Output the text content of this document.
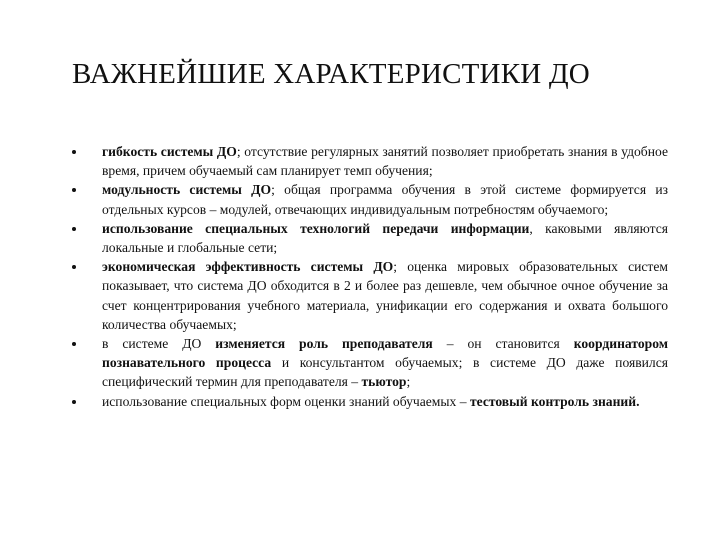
ВАЖНЕЙШИЕ ХАРАКТЕРИСТИКИ ДО
гибкость системы ДО; отсутствие регулярных занятий позволяет приобретать знания в удобное время, причем обучаемый сам планирует темп обучения;
модульность системы ДО; общая программа обучения в этой системе формируется из отдельных курсов – модулей, отвечающих индивидуальным потребностям обучаемого;
использование специальных технологий передачи информации, каковыми являются локальные и глобальные сети;
экономическая эффективность системы ДО; оценка мировых образовательных систем показывает, что система ДО обходится в 2 и более раз дешевле, чем обычное очное обучение за счет концентрирования учебного материала, унификации его содержания и охвата большого количества обучаемых;
в системе ДО изменяется роль преподавателя – он становится координатором познавательного процесса и консультантом обучаемых; в системе ДО даже появился специфический термин для преподавателя – тьютор;
использование специальных форм оценки знаний обучаемых – тестовый контроль знаний.
